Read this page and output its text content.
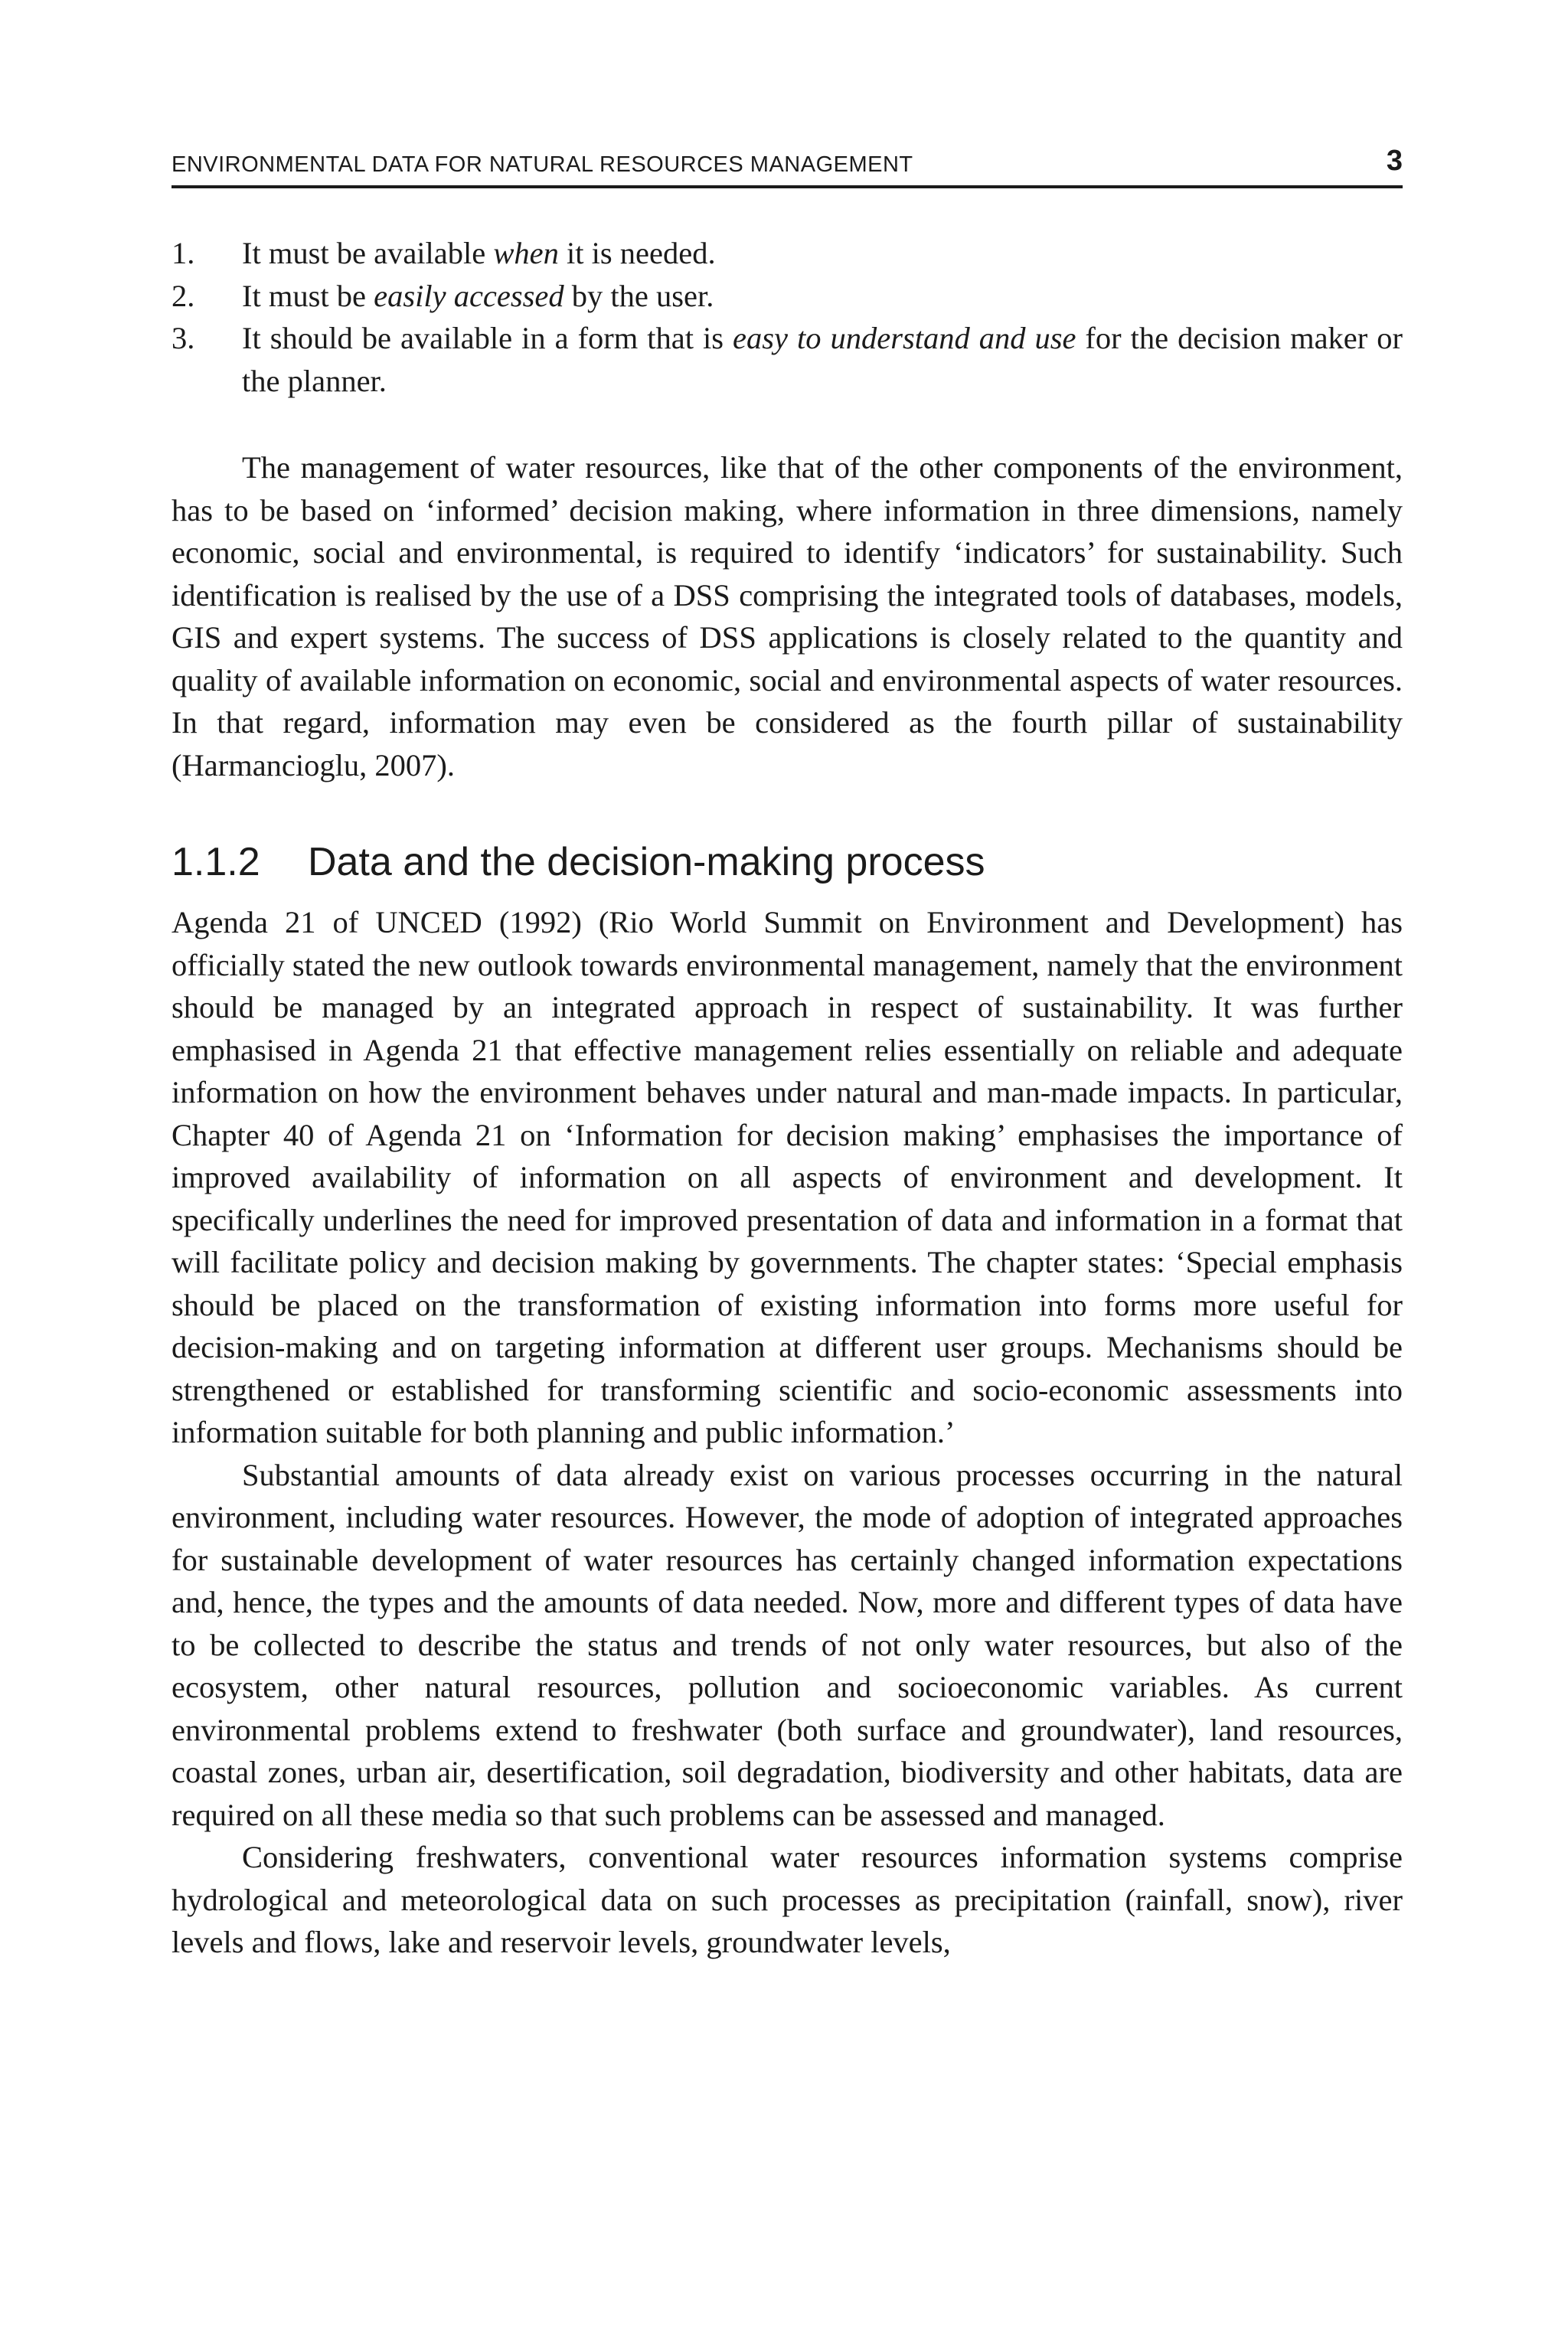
ENVIRONMENTAL DATA FOR NATURAL RESOURCES MANAGEMENT	3
1.	It must be available when it is needed.
2.	It must be easily accessed by the user.
3.	It should be available in a form that is easy to understand and use for the decision maker or the planner.

The management of water resources, like that of the other components of the environment, has to be based on ‘informed’ decision making, where information in three dimensions, namely economic, social and environmental, is required to identify ‘indicators’ for sustainability. Such identification is realised by the use of a DSS comprising the integrated tools of databases, models, GIS and expert systems. The success of DSS applications is closely related to the quantity and quality of available information on economic, social and environmental aspects of water resources. In that regard, information may even be considered as the fourth pillar of sustainability (Harmancioglu, 2007).

1.1.2	Data and the decision-making process

Agenda 21 of UNCED (1992) (Rio World Summit on Environment and Development) has officially stated the new outlook towards environmental management, namely that the environment should be managed by an integrated approach in respect of sustainability. It was further emphasised in Agenda 21 that effective management relies essentially on reliable and adequate information on how the environment behaves under natural and man-made impacts. In particular, Chapter 40 of Agenda 21 on ‘Information for decision making’ emphasises the importance of improved availability of information on all aspects of environment and development. It specifically underlines the need for improved presentation of data and information in a format that will facilitate policy and decision making by governments. The chapter states: ‘Special emphasis should be placed on the transformation of existing information into forms more useful for decision-making and on targeting information at different user groups. Mechanisms should be strengthened or established for transforming scientific and socio-economic assessments into information suitable for both planning and public information.’

Substantial amounts of data already exist on various processes occurring in the natural environment, including water resources. However, the mode of adoption of integrated approaches for sustainable development of water resources has certainly changed information expectations and, hence, the types and the amounts of data needed. Now, more and different types of data have to be collected to describe the status and trends of not only water resources, but also of the ecosystem, other natural resources, pollution and socioeconomic variables. As current environmental problems extend to freshwater (both surface and groundwater), land resources, coastal zones, urban air, desertification, soil degradation, biodiversity and other habitats, data are required on all these media so that such problems can be assessed and managed.

Considering freshwaters, conventional water resources information systems comprise hydrological and meteorological data on such processes as precipitation (rainfall, snow), river levels and flows, lake and reservoir levels, groundwater levels,
